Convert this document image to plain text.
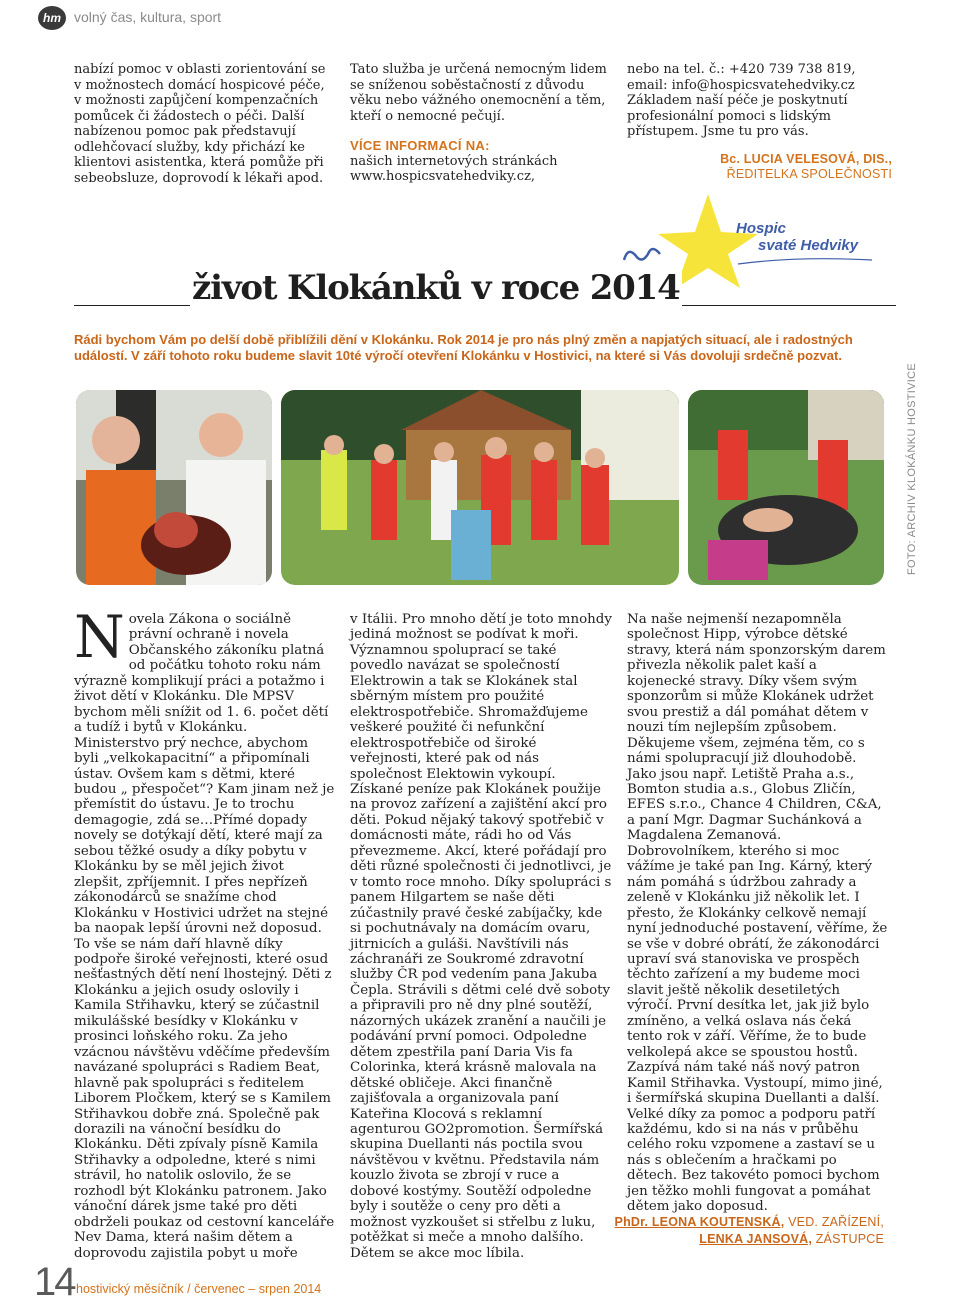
hm volný čas, kultura, sport
nabízí pomoc v oblasti zorientování se v možnostech domácí hospicové péče, v možnosti zapůjčení kompenzačních pomůcek či žádostech o péči. Další nabízenou pomoc pak představují odlehčovací služby, kdy přichází ke klientovi asistentka, která pomůže při sebeobsluze, doprovodí k lékaři apod.
Tato služba je určená nemocným lidem se sníženou soběstačností z důvodu věku nebo vážného onemocnění a těm, kteří o nemocné pečují.
VÍCE INFORMACÍ NA:
našich internetových stránkách www.hospicsvatehedviky.cz,
nebo na tel. č.: +420 739 738 819, email: info@hospicsvatehedviky.cz Základem naší péče je poskytnutí profesionální pomoci s lidským přístupem. Jsme tu pro vás.
Bc. LUCIA VELESOVÁ, DIS.,
ŘEDITELKA SPOLEČNOSTI
Hospic
svaté Hedviky
život Klokánků v roce 2014
Rádi bychom Vám po delší době přiblížili dění v Klokánku. Rok 2014 je pro nás plný změn a napjatých situací, ale i radostných událostí. V září tohoto roku budeme slavit 10té výročí otevření Klokánku v Hostivici, na které si Vás dovoluji srdečně pozvat.
FOTO: ARCHIV KLOKÁNKU HOSTIVICE
N ovela Zákona o sociálně právní ochraně i novela Občanského zákoníku platná od počátku tohoto roku nám výrazně komplikují práci a potažmo i život dětí v Klokánku. Dle MPSV bychom měli snížit od 1. 6. počet dětí a tudíž i bytů v Klokánku. Ministerstvo prý nechce, abychom byli „velkokapacitní“ a připomínali ústav. Ovšem kam s dětmi, které budou „ přespočet“? Kam jinam než je přemístit do ústavu. Je to trochu demagogie, zdá se…Přímé dopady novely se dotýkají dětí, které mají za sebou těžké osudy a díky pobytu v Klokánku by se měl jejich život zlepšit, zpříjemnit. I přes nepřízeň zákonodárců se snažíme chod Klokánku v Hostivici udržet na stejné ba naopak lepší úrovni než doposud. To vše se nám daří hlavně díky podpoře široké veřejnosti, které osud nešťastných dětí není lhostejný. Děti z Klokánku a jejich osudy oslovily i Kamila Střihavku, který se zúčastnil mikulášské besídky v Klokánku v prosinci loňského roku. Za jeho vzácnou návštěvu vděčíme především navázané spolupráci s Radiem Beat, hlavně pak spolupráci s ředitelem Liborem Pločkem, který se s Kamilem Střihavkou dobře zná. Společně pak dorazili na vánoční besídku do Klokánku. Děti zpívaly písně Kamila Střihavky a odpoledne, které s nimi strávil, ho natolik oslovilo, že se rozhodl být Klokánku patronem. Jako vánoční dárek jsme také pro děti obdrželi poukaz od cestovní kanceláře Nev Dama, která našim dětem a doprovodu zajistila pobyt u moře
v Itálii. Pro mnoho dětí je toto mnohdy jediná možnost se podívat k moři. Významnou spoluprací se také povedlo navázat se společností Elektrowin a tak se Klokánek stal sběrným místem pro použité elektrospotřebiče. Shromažďujeme veškeré použité či nefunkční elektrospotřebiče od široké veřejnosti, které pak od nás společnost Elektowin vykoupí. Získané peníze pak Klokánek použije na provoz zařízení a zajištění akcí pro děti. Pokud nějaký takový spotřebič v domácnosti máte, rádi ho od Vás převezmeme. Akcí, které pořádají pro děti různé společnosti či jednotlivci, je v tomto roce mnoho. Díky spolupráci s panem Hilgartem se naše děti zúčastnily pravé české zabíjačky, kde si pochutnávaly na domácím ovaru, jitrnicích a guláši. Navštívili nás záchranáři ze Soukromé zdravotní služby ČR pod vedením pana Jakuba Čepla. Strávili s dětmi celé dvě soboty a připravili pro ně dny plné soutěží, názorných ukázek zranění a naučili je podávání první pomoci. Odpoledne dětem zpestřila paní Daria Vis fa Colorinka, která krásně malovala na dětské obličeje. Akci finančně zajišťovala a organizovala paní Kateřina Klocová s reklamní agenturou GO2promotion. Šermířská skupina Duellanti nás poctila svou návštěvou v květnu. Představila nám kouzlo života se zbrojí v ruce a dobové kostýmy. Soutěží odpoledne byly i soutěže o ceny pro děti a možnost vyzkoušet si střelbu z luku, potěžkat si meče a mnoho dalšího. Dětem se akce moc líbila.
Na naše nejmenší nezapomněla společnost Hipp, výrobce dětské stravy, která nám sponzorským darem přivezla několik palet kaší a kojenecké stravy. Díky všem svým sponzorům si může Klokánek udržet svou prestiž a dál pomáhat dětem v nouzi tím nejlepším způsobem. Děkujeme všem, zejména těm, co s námi spolupracují již dlouhodobě. Jako jsou např. Letiště Praha a.s., Bomton studia a.s., Globus Zličín, EFES s.r.o., Chance 4 Children, C&A, a paní Mgr. Dagmar Suchánková a Magdalena Zemanová. Dobrovolníkem, kterého si moc vážíme je také pan Ing. Kárný, který nám pomáhá s údržbou zahrady a zeleně v Klokánku již několik let. I přesto, že Klokánky celkově nemají nyní jednoduché postavení, věříme, že se vše v dobré obrátí, že zákonodárci upraví svá stanoviska ve prospěch těchto zařízení a my budeme moci slavit ještě několik desetiletých výročí. První desítka let, jak již bylo zmíněno, a velká oslava nás čeká tento rok v září. Věříme, že to bude velkolepá akce se spoustou hostů. Zazpívá nám také náš nový patron Kamil Střihavka. Vystoupí, mimo jiné, i šermířská skupina Duellanti a další. Velké díky za pomoc a podporu patří každému, kdo si na nás v průběhu celého roku vzpomene a zastaví se u nás s oblečením a hračkami po dětech. Bez takovéto pomoci bychom jen těžko mohli fungovat a pomáhat dětem jako doposud.
PhDr. LEONA KOUTENSKÁ, VED. ZAŘÍZENÍ,
LENKA JANSOVÁ, ZÁSTUPCE
14 hostivický měsíčník / červenec – srpen 2014
